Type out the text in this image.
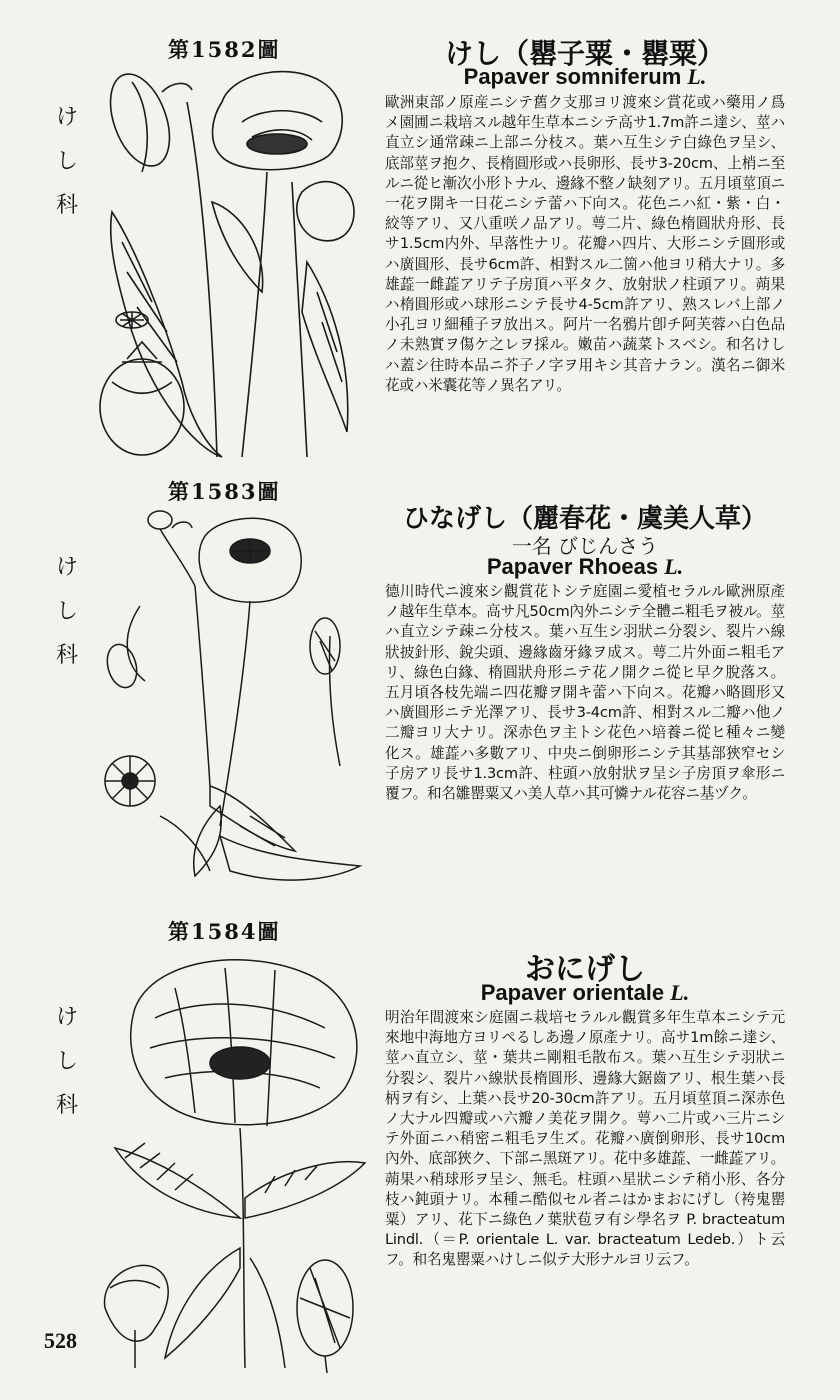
第1582圖
け
し
科
けし（罌子粟・罌粟）
Papaver somniferum L.
歐洲東部ノ原産ニシテ舊ク支那ヨリ渡來シ賞花或ハ藥用ノ爲メ園圃ニ栽培スル越年生草本ニシテ高サ1.7m許ニ達シ、莖ハ直立シ通常疎ニ上部ニ分枝ス。葉ハ互生シテ白綠色ヲ呈シ、底部莖ヲ抱ク、長楕圓形或ハ長卵形、長サ3-20cm、上梢ニ至ルニ從ヒ漸次小形トナル、邊緣不整ノ缺刻アリ。五月頃莖頂ニ一花ヲ開キ一日花ニシテ蕾ハ下向ス。花色ニハ紅・紫・白・絞等アリ、又八重咲ノ品アリ。萼二片、綠色楕圓狀舟形、長サ1.5cm内外、早落性ナリ。花瓣ハ四片、大形ニシテ圓形或ハ廣圓形、長サ6cm許、相對スル二箇ハ他ヨリ稍大ナリ。多雄蕋一雌蕋アリテ子房頂ハ平タク、放射狀ノ柱頭アリ。蒴果ハ楕圓形或ハ球形ニシテ長サ4-5cm許アリ、熟スレバ上部ノ小孔ヨリ細種子ヲ放出ス。阿片一名鴉片卽チ阿芙蓉ハ白色品ノ未熟實ヲ傷ケ之レヲ採ル。嫩苗ハ蔬菜トスベシ。和名けしハ蓋シ往時本品ニ芥子ノ字ヲ用キシ其音ナラン。漢名ニ御米花或ハ米囊花等ノ異名アリ。
第1583圖
け
し
科
ひなげし（麗春花・虞美人草）
一名 びじんさう
Papaver Rhoeas L.
德川時代ニ渡來シ觀賞花トシテ庭園ニ愛植セラルル歐洲原產ノ越年生草本。高サ凡50cm內外ニシテ全體ニ粗毛ヲ被ル。莖ハ直立シテ疎ニ分枝ス。葉ハ互生シ羽狀ニ分裂シ、裂片ハ線狀披針形、銳尖頭、邊緣齒牙緣ヲ成ス。萼二片外面ニ粗毛アリ、綠色白緣、楕圓狀舟形ニテ花ノ開クニ從ヒ早ク脫落ス。五月頃各枝先端ニ四花瓣ヲ開キ蕾ハ下向ス。花瓣ハ略圓形又ハ廣圓形ニテ光澤アリ、長サ3-4cm許、相對スル二瓣ハ他ノ二瓣ヨリ大ナリ。深赤色ヲ主トシ花色ハ培養ニ從ヒ種々ニ變化ス。雄蕋ハ多數アリ、中央ニ倒卵形ニシテ其基部狹窄セシ子房アリ長サ1.3cm許、柱頭ハ放射狀ヲ呈シ子房頂ヲ傘形ニ覆フ。和名雛罌粟又ハ美人草ハ其可憐ナル花容ニ基ヅク。
第1584圖
け
し
科
おにげし
Papaver orientale L.
明治年間渡來シ庭園ニ栽培セラルル觀賞多年生草本ニシテ元來地中海地方ヨリペるしあ邊ノ原產ナリ。高サ1m餘ニ達シ、莖ハ直立シ、莖・葉共ニ剛粗毛散布ス。葉ハ互生シテ羽狀ニ分裂シ、裂片ハ線狀長楕圓形、邊緣大鋸齒アリ、根生葉ハ長柄ヲ有シ、上葉ハ長サ20-30cm許アリ。五月頃莖頂ニ深赤色ノ大ナル四瓣或ハ六瓣ノ美花ヲ開ク。萼ハ二片或ハ三片ニシテ外面ニハ稍密ニ粗毛ヲ生ズ。花瓣ハ廣倒卵形、長サ10cm內外、底部狹ク、下部ニ黑斑アリ。花中多雄蕋、一雌蕋アリ。蒴果ハ稍球形ヲ呈シ、無毛。柱頭ハ星狀ニシテ稍小形、各分枝ハ鈍頭ナリ。本種ニ酷似セル者ニはかまおにげし（袴鬼罌粟）アリ、花下ニ綠色ノ葉狀苞ヲ有シ學名ヲ P. bracteatum Lindl.（＝P. orientale L. var. bracteatum Ledeb.）ト云フ。和名鬼罌粟ハけしニ似テ大形ナルヨリ云フ。
528
